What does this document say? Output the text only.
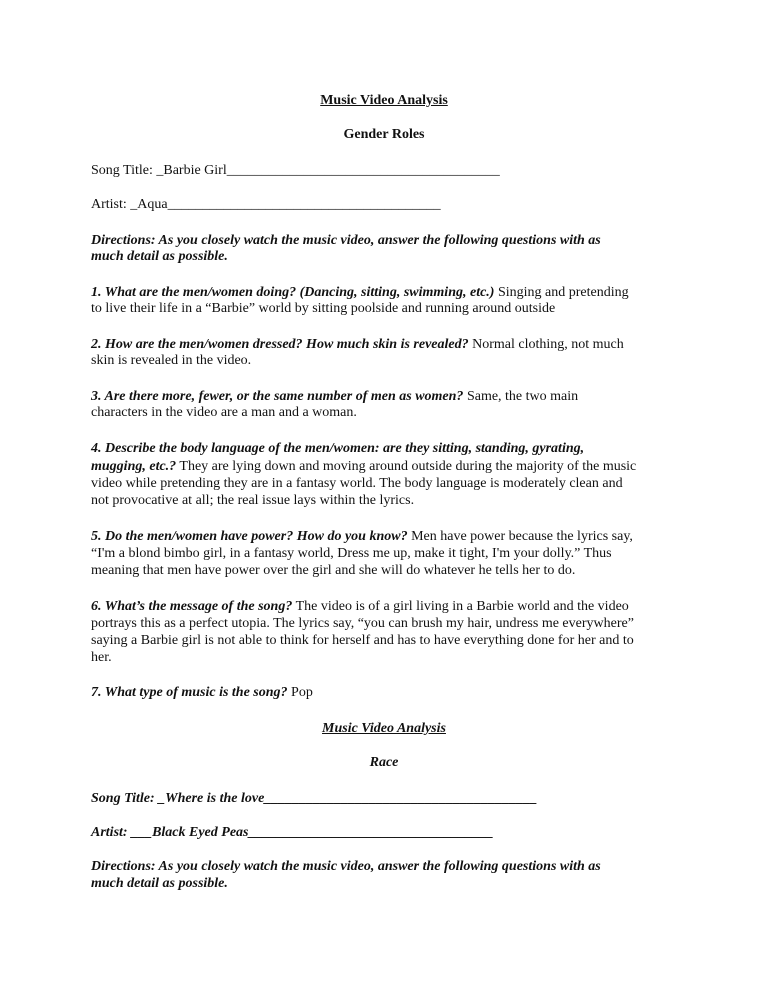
Music Video Analysis
Gender Roles
Song Title: _Barbie Girl_______________________________________
Artist: _Aqua_______________________________________
Directions: As you closely watch the music video, answer the following questions with as
much detail as possible.
1. What are the men/women doing? (Dancing, sitting, swimming, etc.) Singing and pretending
to live their life in a “Barbie” world by sitting poolside and running around outside
2. How are the men/women dressed? How much skin is revealed? Normal clothing, not much
skin is revealed in the video.
3. Are there more, fewer, or the same number of men as women? Same, the two main
characters in the video are a man and a woman.
4. Describe the body language of the men/women: are they sitting, standing, gyrating,
mugging, etc.? They are lying down and moving around outside during the majority of the music
video while pretending they are in a fantasy world. The body language is moderately clean and
not provocative at all; the real issue lays within the lyrics.
5. Do the men/women have power? How do you know? Men have power because the lyrics say,
“I'm a blond bimbo girl, in a fantasy world, Dress me up, make it tight, I'm your dolly.” Thus
meaning that men have power over the girl and she will do whatever he tells her to do.
6. What’s the message of the song? The video is of a girl living in a Barbie world and the video
portrays this as a perfect utopia. The lyrics say, “you can brush my hair, undress me everywhere”
saying a Barbie girl is not able to think for herself and has to have everything done for her and to
her.
7. What type of music is the song? Pop
Music Video Analysis
Race
Song Title: _Where is the love_______________________________________
Artist: ___Black Eyed Peas___________________________________
Directions: As you closely watch the music video, answer the following questions with as
much detail as possible.
